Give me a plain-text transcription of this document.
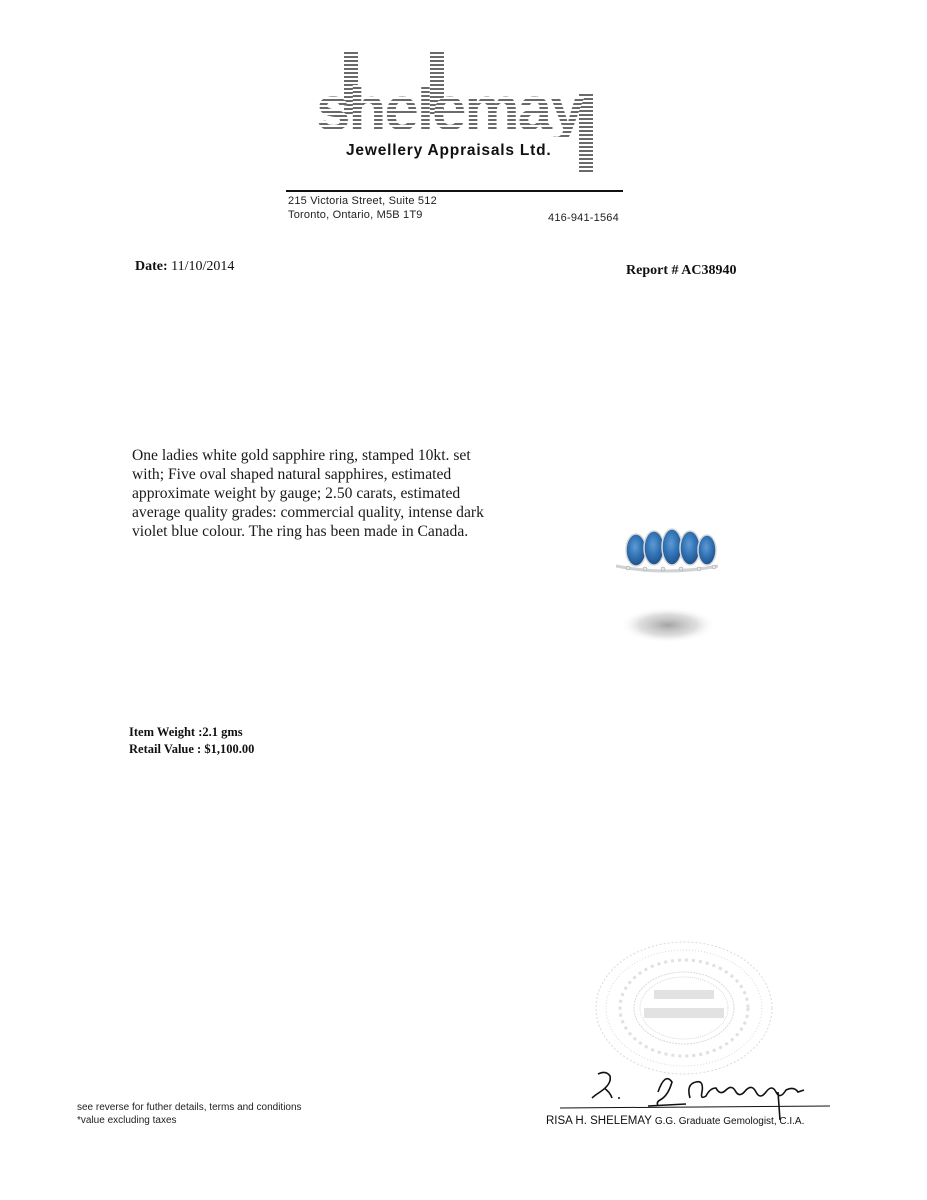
shelemay
Jewellery Appraisals Ltd.
215 Victoria Street, Suite 512
Toronto, Ontario, M5B 1T9	416-941-1564
Date: 11/10/2014	Report # AC38940
One ladies white gold sapphire ring, stamped 10kt. set
with; Five oval shaped natural sapphires, estimated
approximate weight by gauge; 2.50 carats, estimated
average quality grades: commercial quality, intense dark
violet blue colour. The ring has been made in Canada.
Item Weight :2.1 gms
Retail Value : $1,100.00
RISA H. SHELEMAY G.G. Graduate Gemologist, C.I.A.
see reverse for futher details, terms and conditions
*value excluding taxes
